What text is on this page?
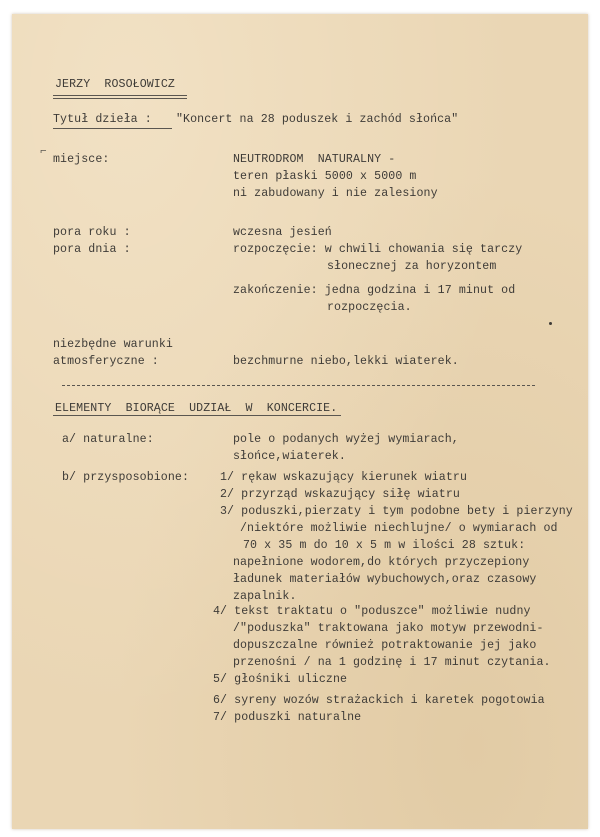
JERZY  ROSOŁOWICZ
Tytuł dzieła : "Koncert na 28 poduszek i zachód słońca"
⌐
miejsce:	NEUTRODROM  NATURALNY -
teren płaski 5000 x 5000 m
ni zabudowany i nie zalesiony
pora roku :	wczesna jesień
pora dnia :	rozpoczęcie: w chwili chowania się tarczy
słonecznej za horyzontem
zakończenie: jedna godzina i 17 minut od
rozpoczęcia.
niezbędne warunki
atmosferyczne :	bezchmurne niebo,lekki wiaterek.
ELEMENTY  BIORĄCE  UDZIAŁ  W  KONCERCIE.
a/ naturalne:	pole o podanych wyżej wymiarach,
słońce,wiaterek.
b/ przysposobione:	1/ rękaw wskazujący kierunek wiatru
2/ przyrząd wskazujący siłę wiatru
3/ poduszki,pierzaty i tym podobne bety i pierzyny
/niektóre możliwie niechlujne/ o wymiarach od
70 x 35 m do 10 x 5 m w ilości 28 sztuk:
napełnione wodorem,do których przyczepiony
ładunek materiałów wybuchowych,oraz czasowy
zapalnik.
4/ tekst traktatu o "poduszce" możliwie nudny
/"poduszka" traktowana jako motyw przewodni-
dopuszczalne również potraktowanie jej jako
przenośni / na 1 godzinę i 17 minut czytania.
5/ głośniki uliczne
6/ syreny wozów strażackich i karetek pogotowia
7/ poduszki naturalne
